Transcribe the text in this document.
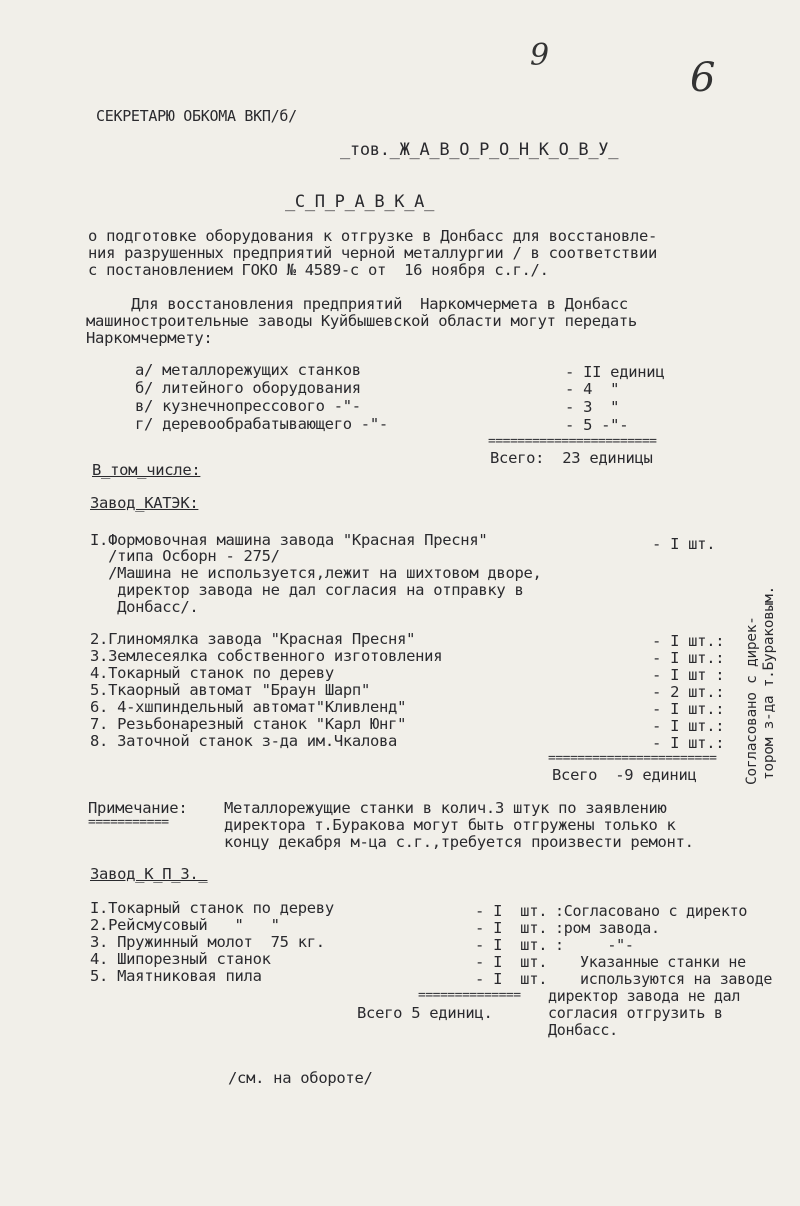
9	6
СЕКРЕТАРЮ ОБКОМА ВКП/б/
_тов._Ж_А_В_О_Р_О_Н_К_О_В_У_
_С_П_Р_А_В_К_А_
о подготовке оборудования к отгрузке в Донбасс для восстановле-
ния разрушенных предприятий черной металлургии / в соответствии
с постановлением ГОКО № 4589-с от  16 ноября с.г./.
Для восстановления предприятий  Наркомчермета в Донбасс
машиностроительные заводы Куйбышевской области могут передать
Наркомчермету:
а/ металлорежущих станков	- II единиц
б/ литейного оборудования	- 4  "
в/ кузнечнопрессового -"-	- 3  "
г/ деревообрабатывающего -"-	- 5 -"-
=======================
Всего:  23 единицы
В_том_числе:
Завод_КАТЭК:
I.Формовочная машина завода "Красная Пресня"	- I шт.
/типа Осборн - 275/
/Машина не используется,лежит на шихтовом дворе,
директор завода не дал согласия на отправку в
Донбасс/.
2.Глиномялка завода "Красная Пресня"	- I шт.:
3.Землесеялка собственного изготовления	- I шт.:
4.Токарный станок по дереву	- I шт :
5.Ткаорный автомат "Браун Шарп"	- 2 шт.:
6. 4-хшпиндельный автомат"Кливленд"	- I шт.:
7. Резьбонарезный станок "Карл Юнг"	- I шт.:
8. Заточной станок з-да им.Чкалова	- I шт.:
=======================
Всего  -9 единиц	Согласовано с дирек- тором з-да т.Бураковым.
Примечание:
===========
Металлорежущие станки в колич.3 штук по заявлению
директора т.Буракова могут быть отгружены только к
концу декабря м-ца с.г.,требуется произвести ремонт.
Завод_К_П_З._
I.Токарный станок по дереву	- I  шт. :Согласовано с директо
2.Рейсмусовый   "   "	- I  шт. :ром завода.
3. Пружинный молот  75 кг.	- I  шт. :     -"-
4. Шипорезный станок	- I  шт. Указанные станки не
5. Маятниковая пила	- I  шт. используются на заводе
============== директор завода не дал
Всего 5 единиц.	согласия отгрузить в
Донбасс.
/см. на обороте/
